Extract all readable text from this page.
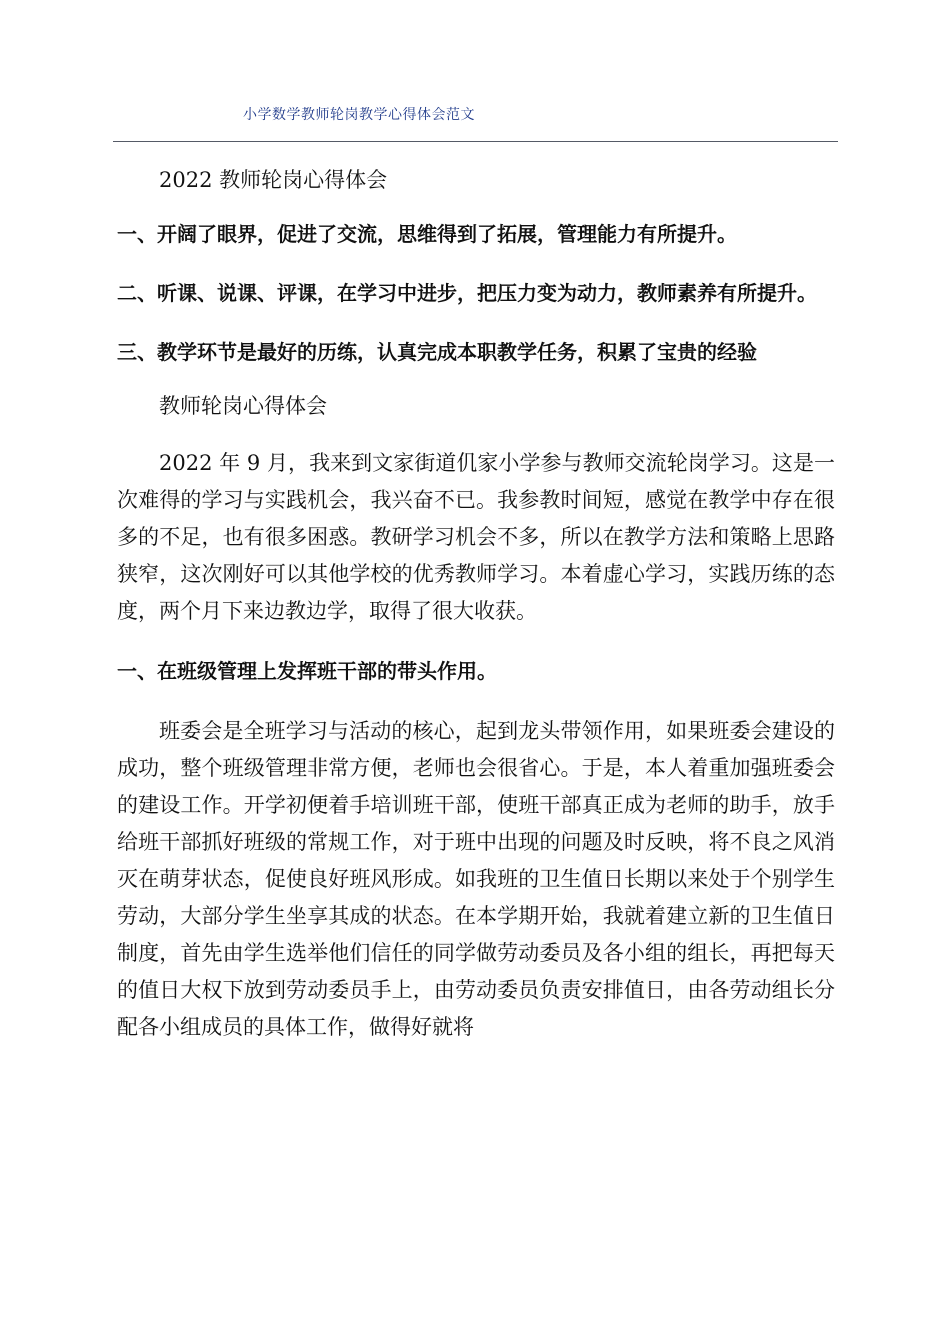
小学数学教师轮岗教学心得体会范文

2022 教师轮岗心得体会

一、开阔了眼界，促进了交流，思维得到了拓展，管理能力有所提升。

二、听课、说课、评课，在学习中进步，把压力变为动力，教师素养有所提升。

三、教学环节是最好的历练，认真完成本职教学任务，积累了宝贵的经验

教师轮岗心得体会

2022 年 9 月，我来到文家街道仉家小学参与教师交流轮岗学习。这是一次难得的学习与实践机会，我兴奋不已。我参教时间短，感觉在教学中存在很多的不足，也有很多困惑。教研学习机会不多，所以在教学方法和策略上思路狭窄，这次刚好可以其他学校的优秀教师学习。本着虚心学习，实践历练的态度，两个月下来边教边学，取得了很大收获。

一、在班级管理上发挥班干部的带头作用。

班委会是全班学习与活动的核心，起到龙头带领作用，如果班委会建设的成功，整个班级管理非常方便，老师也会很省心。于是，本人着重加强班委会的建设工作。开学初便着手培训班干部，使班干部真正成为老师的助手，放手给班干部抓好班级的常规工作，对于班中出现的问题及时反映，将不良之风消灭在萌芽状态，促使良好班风形成。如我班的卫生值日长期以来处于个别学生劳动，大部分学生坐享其成的状态。在本学期开始，我就着建立新的卫生值日制度，首先由学生选举他们信任的同学做劳动委员及各小组的组长，再把每天的值日大权下放到劳动委员手上，由劳动委员负责安排值日，由各劳动组长分配各小组成员的具体工作，做得好就将
